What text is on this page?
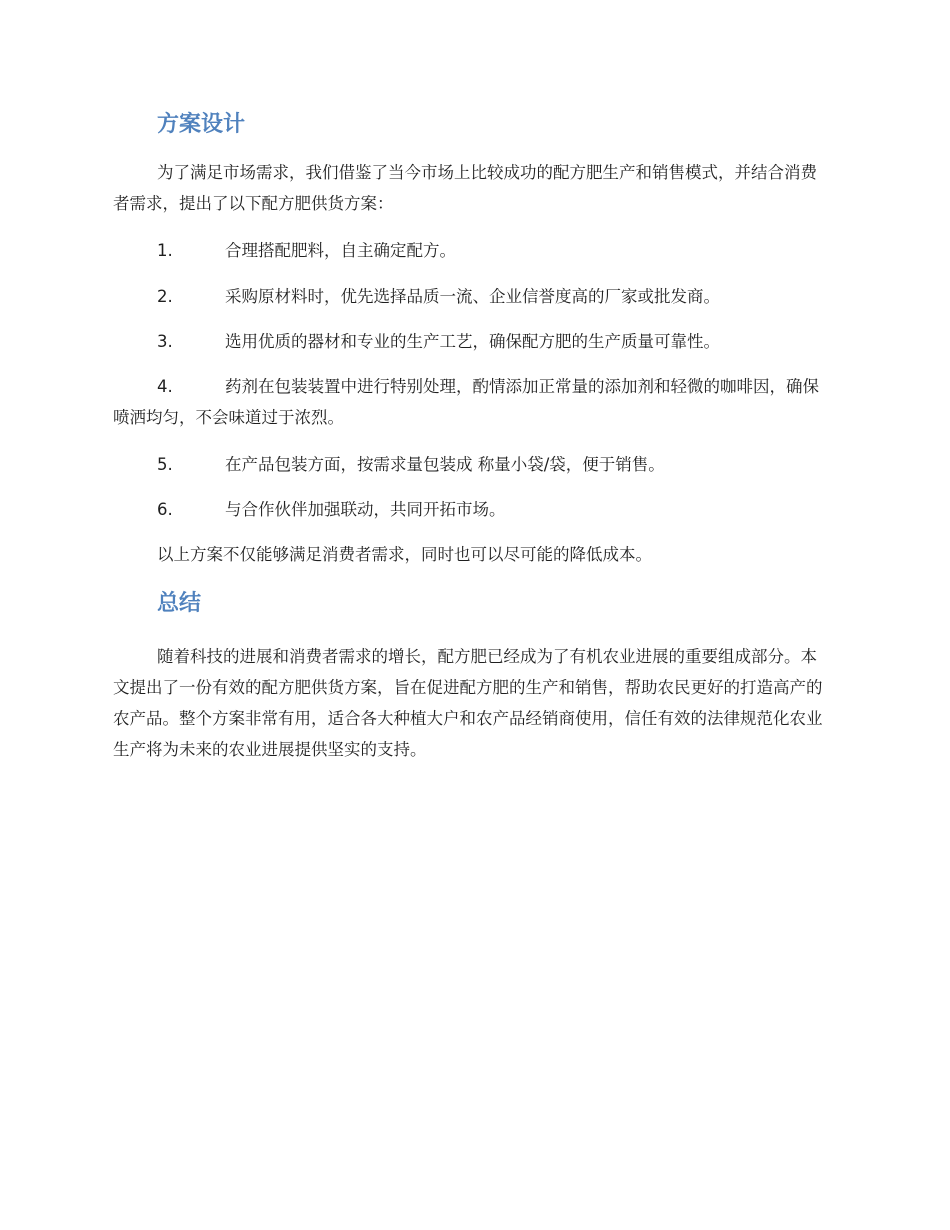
方案设计

为了满足市场需求，我们借鉴了当今市场上比较成功的配方肥生产和销售模式，并结合消费者需求，提出了以下配方肥供货方案：

1.	合理搭配肥料，自主确定配方。

2.	采购原材料时，优先选择品质一流、企业信誉度高的厂家或批发商。

3.	选用优质的器材和专业的生产工艺，确保配方肥的生产质量可靠性。

4.	药剂在包装装置中进行特别处理，酌情添加正常量的添加剂和轻微的咖啡因，确保喷洒均匀，不会味道过于浓烈。

5.	在产品包装方面，按需求量包装成 称量小袋/袋，便于销售。

6.	与合作伙伴加强联动，共同开拓市场。

以上方案不仅能够满足消费者需求，同时也可以尽可能的降低成本。

总结

随着科技的进展和消费者需求的增长，配方肥已经成为了有机农业进展的重要组成部分。本文提出了一份有效的配方肥供货方案，旨在促进配方肥的生产和销售，帮助农民更好的打造高产的农产品。整个方案非常有用，适合各大种植大户和农产品经销商使用，信任有效的法律规范化农业生产将为未来的农业进展提供坚实的支持。
